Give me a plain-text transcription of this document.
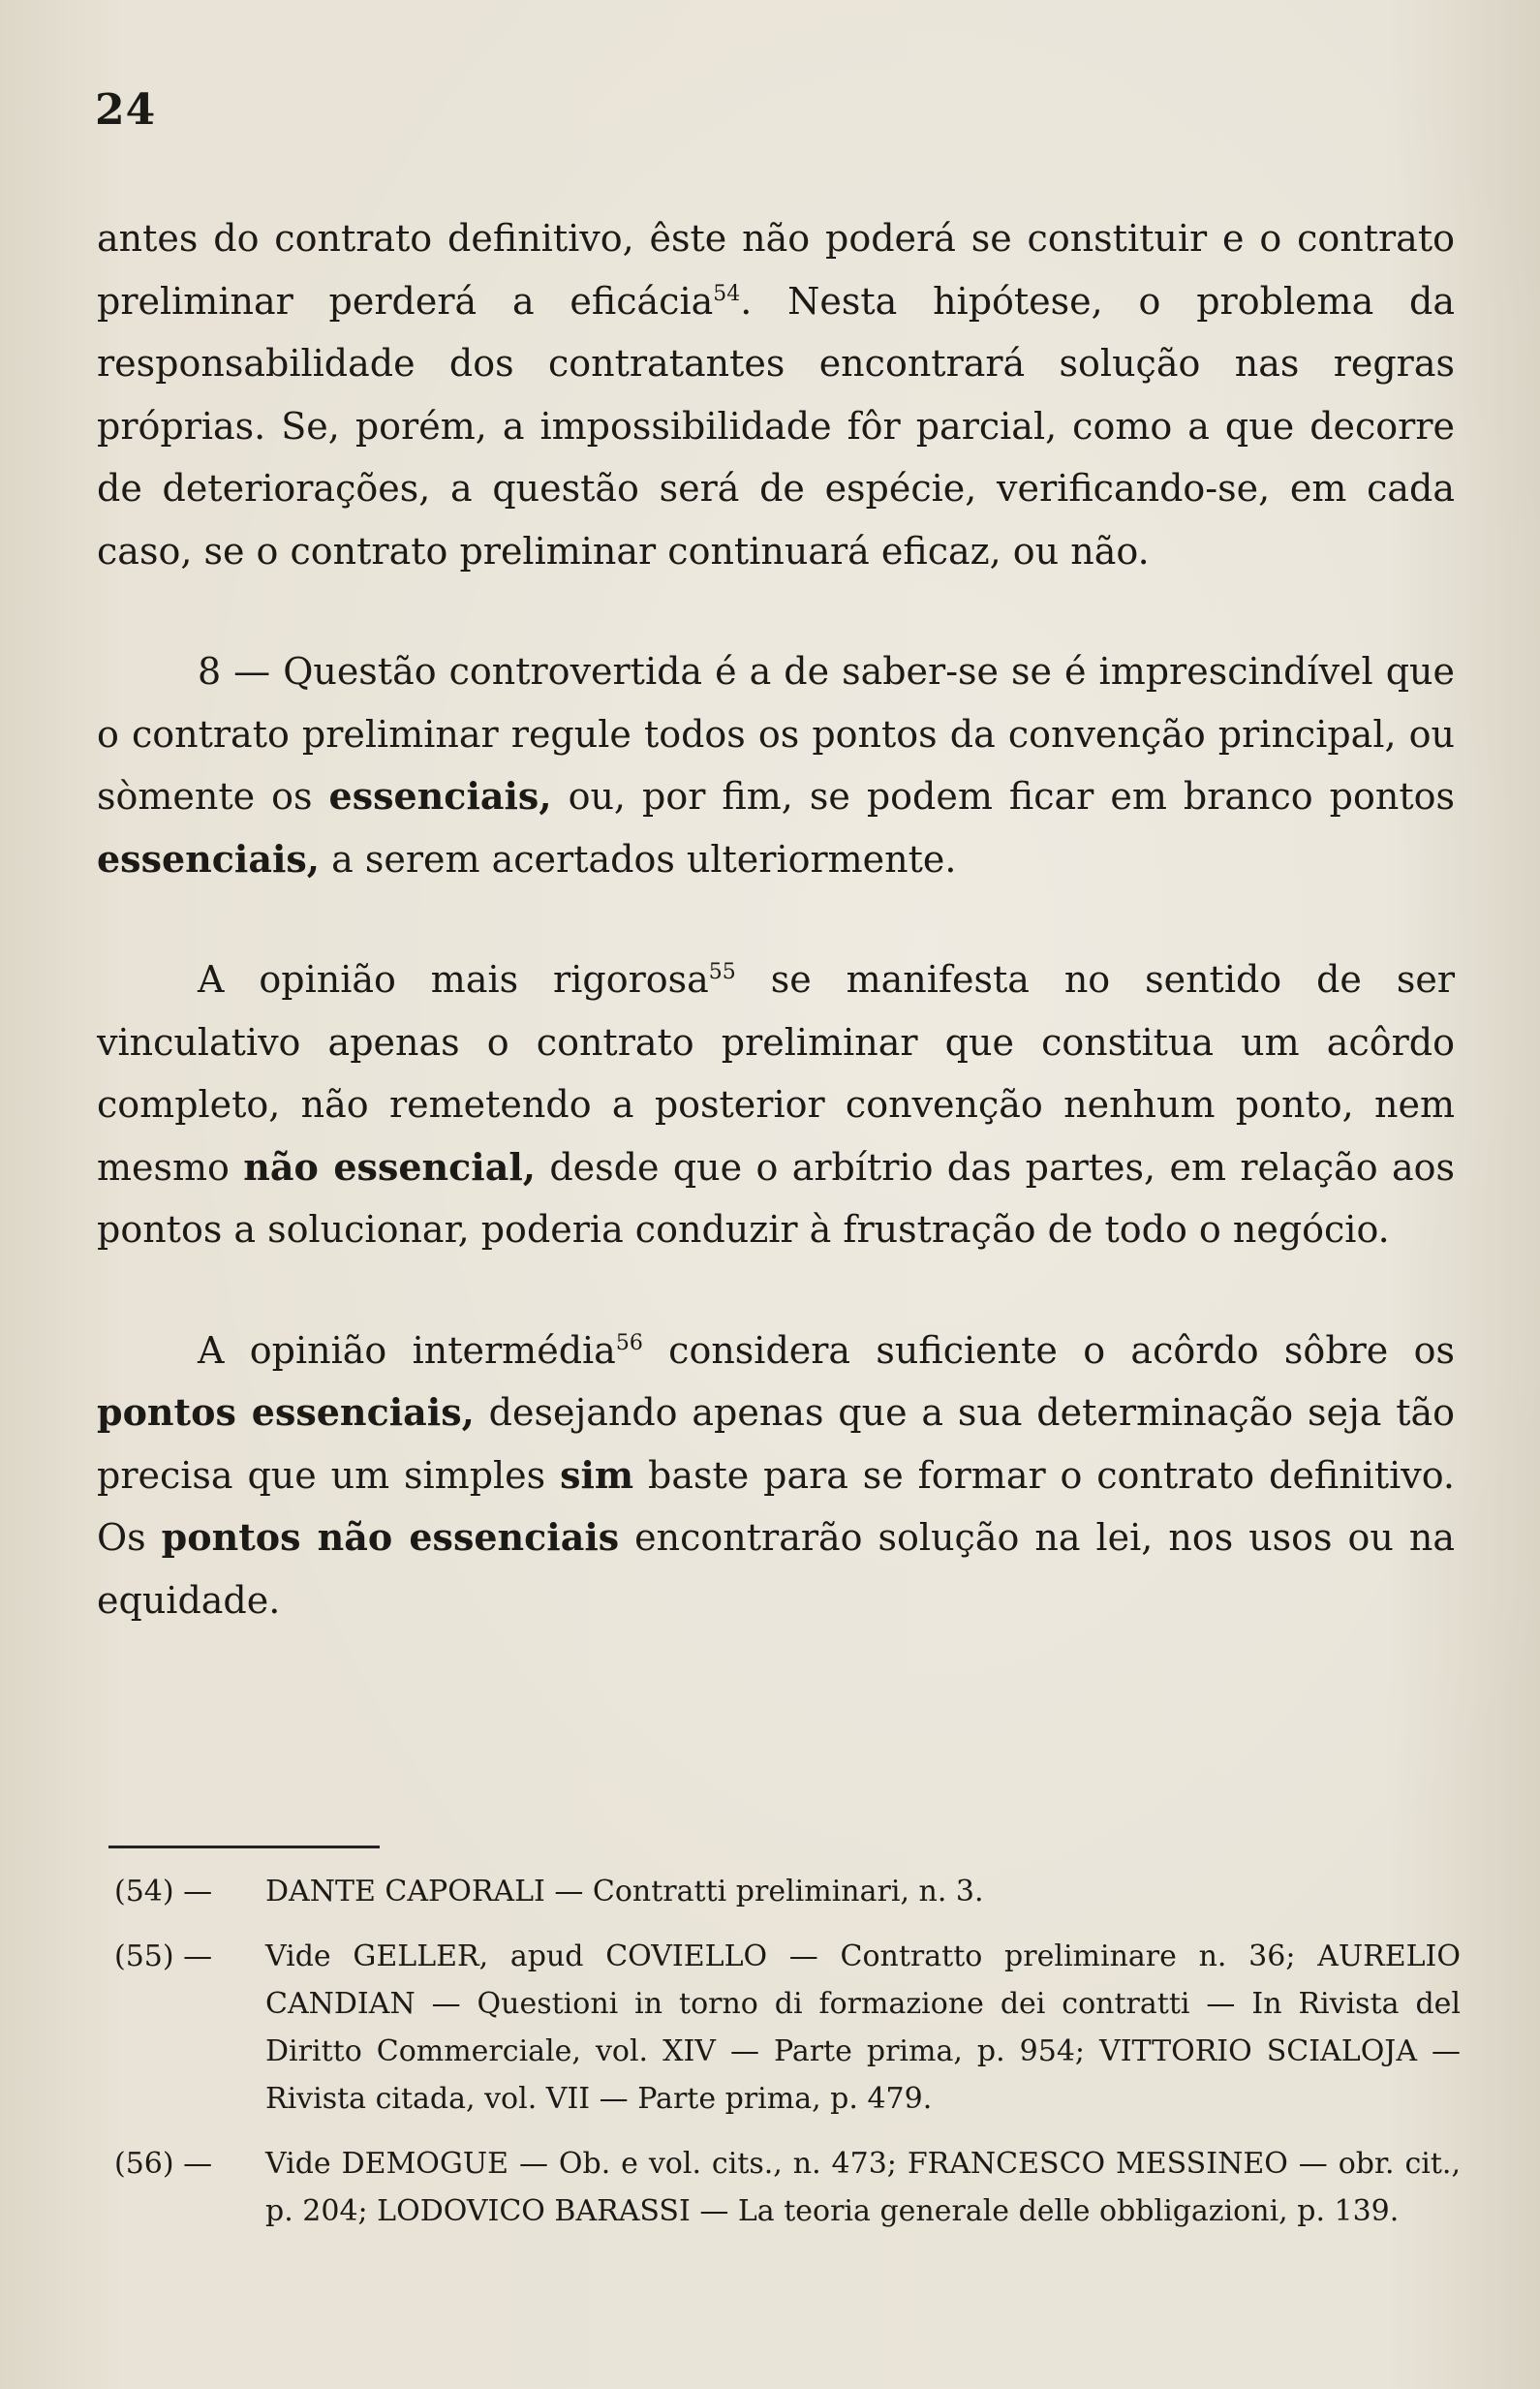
24

antes do contrato definitivo, êste não poderá se constituir e o contrato preliminar perderá a eficácia$^{54}$. Nesta hipótese, o problema da responsabilidade dos contratantes encontrará solução nas regras próprias. Se, porém, a impossibilidade fôr parcial, como a que decorre de deteriorações, a questão será de espécie, verificando-se, em cada caso, se o contrato preliminar continuará eficaz, ou não.

8 — Questão controvertida é a de saber-se se é imprescindível que o contrato preliminar regule todos os pontos da convenção principal, ou sòmente os essenciais, ou, por fim, se podem ficar em branco pontos essenciais, a serem acertados ulteriormente.

A opinião mais rigorosa$^{55}$ se manifesta no sentido de ser vinculativo apenas o contrato preliminar que constitua um acôrdo completo, não remetendo a posterior convenção nenhum ponto, nem mesmo não essencial, desde que o arbítrio das partes, em relação aos pontos a solucionar, poderia conduzir à frustração de todo o negócio.

A opinião intermédia$^{56}$ considera suficiente o acôrdo sôbre os pontos essenciais, desejando apenas que a sua determinação seja tão precisa que um simples sim baste para se formar o contrato definitivo. Os pontos não essenciais encontrarão solução na lei, nos usos ou na equidade.

(54) —	DANTE CAPORALI — Contratti preliminari, n. 3.
(55) —	Vide GELLER, apud COVIELLO — Contratto preliminare n. 36; AURELIO CANDIAN — Questioni in torno di formazione dei contratti — In Rivista del Diritto Commerciale, vol. XIV — Parte prima, p. 954; VITTORIO SCIALOJA — Rivista citada, vol. VII — Parte prima, p. 479.
(56) —	Vide DEMOGUE — Ob. e vol. cits., n. 473; FRANCESCO MESSINEO — obr. cit., p. 204; LODOVICO BARASSI — La teoria generale delle obbligazioni, p. 139.
